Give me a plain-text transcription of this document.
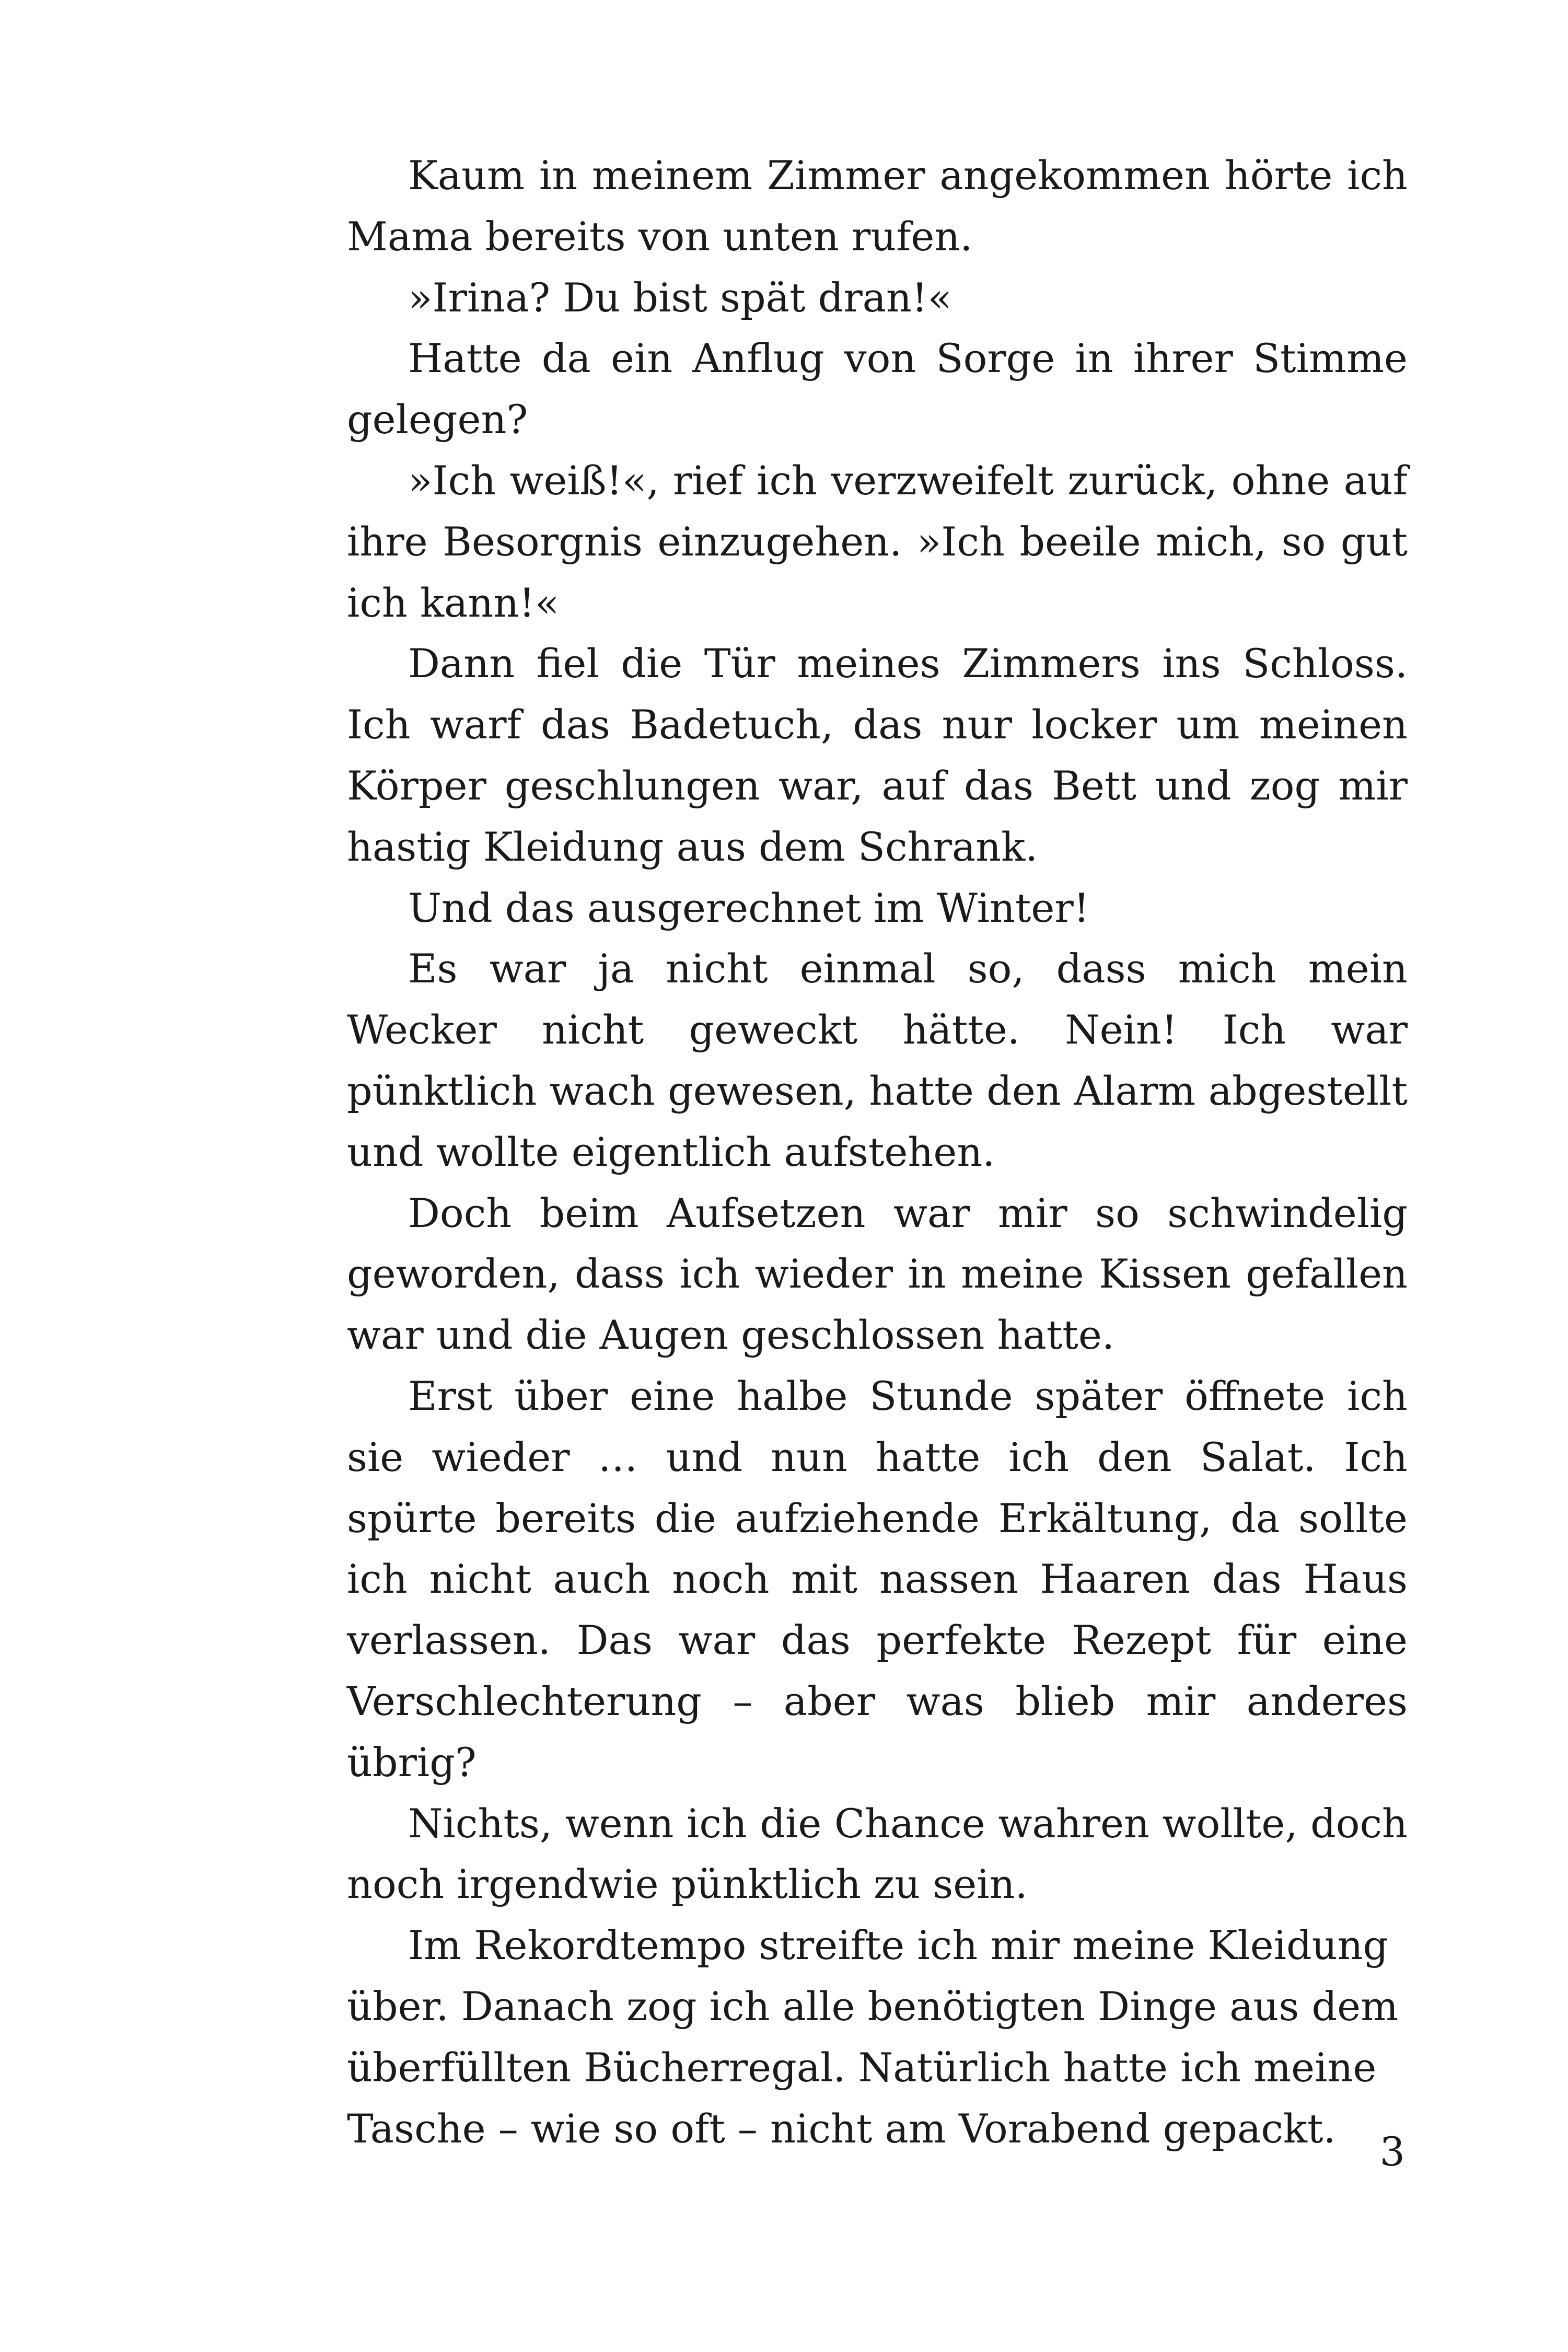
Kaum in meinem Zimmer angekommen hörte ich Mama bereits von unten rufen.

»Irina? Du bist spät dran!«

Hatte da ein Anflug von Sorge in ihrer Stimme gelegen?

»Ich weiß!«, rief ich verzweifelt zurück, ohne auf ihre Besorgnis einzugehen. »Ich beeile mich, so gut ich kann!«

Dann fiel die Tür meines Zimmers ins Schloss. Ich warf das Badetuch, das nur locker um meinen Körper geschlungen war, auf das Bett und zog mir hastig Kleidung aus dem Schrank.

Und das ausgerechnet im Winter!

Es war ja nicht einmal so, dass mich mein Wecker nicht geweckt hätte. Nein! Ich war pünktlich wach gewesen, hatte den Alarm abgestellt und wollte eigentlich aufstehen.

Doch beim Aufsetzen war mir so schwindelig geworden, dass ich wieder in meine Kissen gefallen war und die Augen geschlossen hatte.

Erst über eine halbe Stunde später öffnete ich sie wieder … und nun hatte ich den Salat. Ich spürte bereits die aufziehende Erkältung, da sollte ich nicht auch noch mit nassen Haaren das Haus verlassen. Das war das perfekte Rezept für eine Verschlechterung – aber was blieb mir anderes übrig?

Nichts, wenn ich die Chance wahren wollte, doch noch irgendwie pünktlich zu sein.

Im Rekordtempo streifte ich mir meine Kleidung über. Danach zog ich alle benötigten Dinge aus dem überfüllten Bücherregal. Natürlich hatte ich meine Tasche – wie so oft – nicht am Vorabend gepackt.	3
